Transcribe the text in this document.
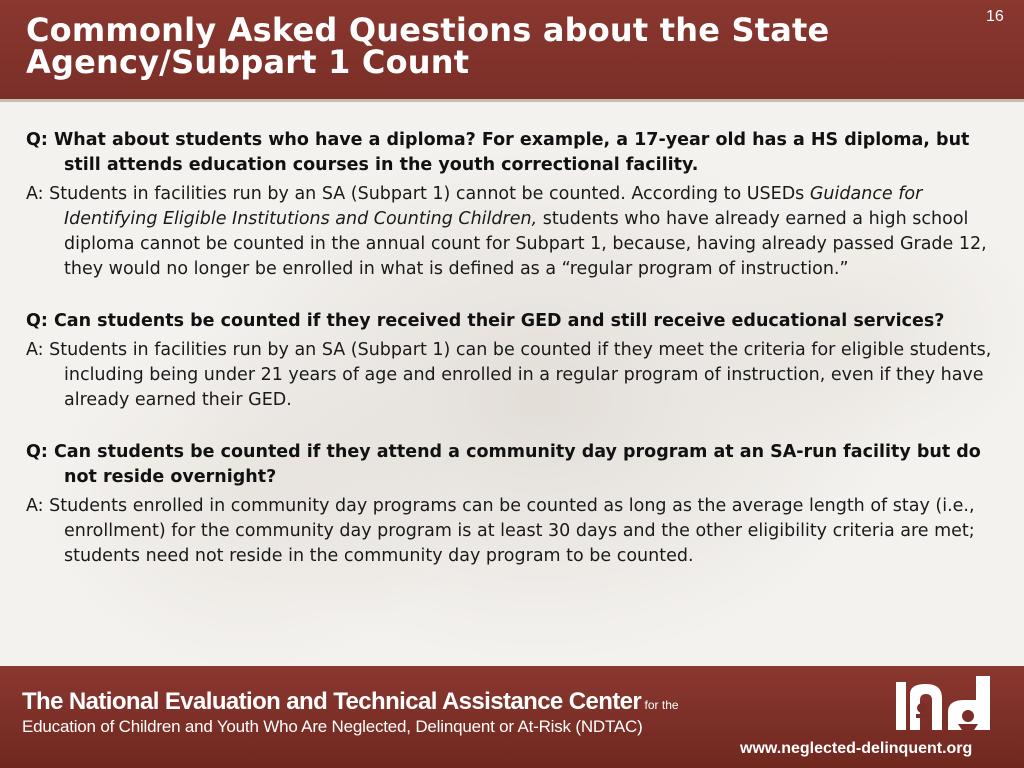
Commonly Asked Questions about the State Agency/Subpart 1 Count
16

Q: What about students who have a diploma? For example, a 17-year old has a HS diploma, but still attends education courses in the youth correctional facility.

A: Students in facilities run by an SA (Subpart 1) cannot be counted. According to USEDs Guidance for Identifying Eligible Institutions and Counting Children, students who have already earned a high school diploma cannot be counted in the annual count for Subpart 1, because, having already passed Grade 12, they would no longer be enrolled in what is defined as a “regular program of instruction.”

Q: Can students be counted if they received their GED and still receive educational services?

A: Students in facilities run by an SA (Subpart 1) can be counted if they meet the criteria for eligible students, including being under 21 years of age and enrolled in a regular program of instruction, even if they have already earned their GED.

Q: Can students be counted if they attend a community day program at an SA-run facility but do not reside overnight?

A: Students enrolled in community day programs can be counted as long as the average length of stay (i.e., enrollment) for the community day program is at least 30 days and the other eligibility criteria are met; students need not reside in the community day program to be counted.

The National Evaluation and Technical Assistance Center for the
Education of Children and Youth Who Are Neglected, Delinquent or At-Risk (NDTAC)
www.neglected-delinquent.org
